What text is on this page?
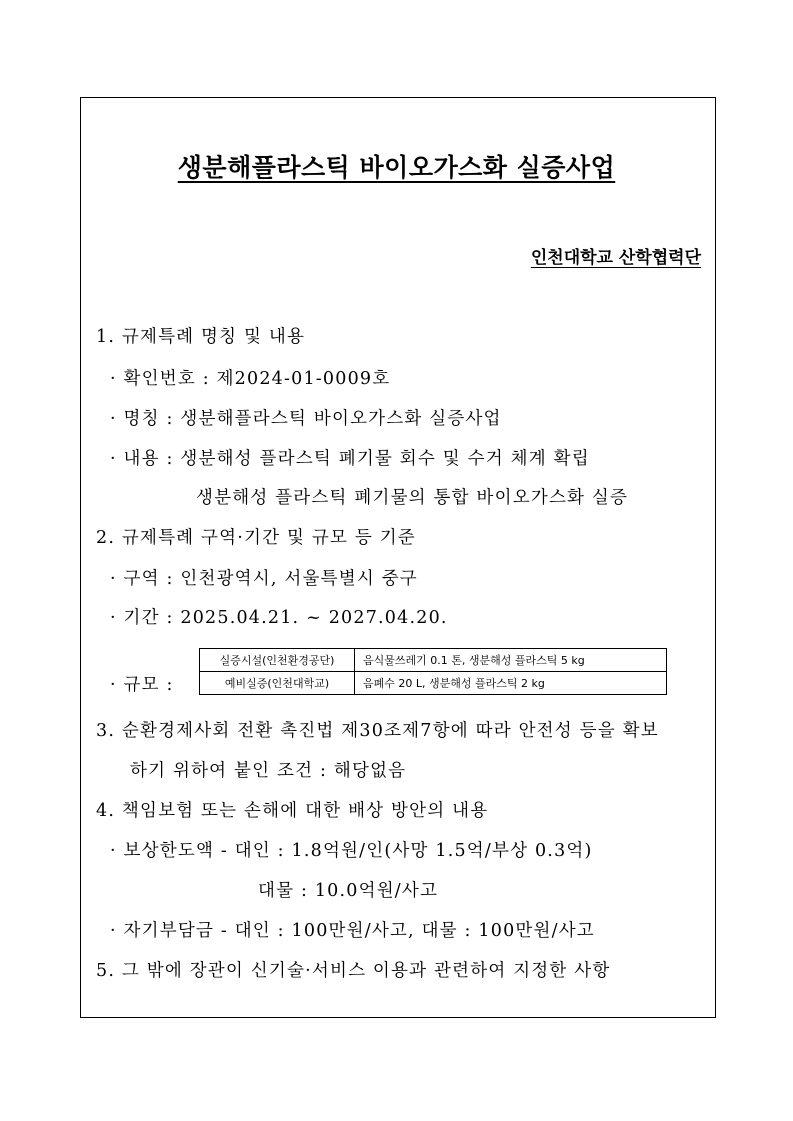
생분해플라스틱 바이오가스화 실증사업
인천대학교 산학협력단
1. 규제특례 명칭 및 내용
· 확인번호 : 제2024-01-0009호
· 명칭 : 생분해플라스틱 바이오가스화 실증사업
· 내용 : 생분해성 플라스틱 폐기물 회수 및 수거 체계 확립
생분해성 플라스틱 폐기물의 통합 바이오가스화 실증
2. 규제특례 구역·기간 및 규모 등 기준
· 구역 : 인천광역시, 서울특별시 중구
· 기간 : 2025.04.21. ~ 2027.04.20.
· 규모 :
실증시설(인천환경공단)	음식물쓰레기 0.1 톤, 생분해성 플라스틱 5 kg
예비실증(인천대학교)	음폐수 20 L, 생분해성 플라스틱 2 kg
3. 순환경제사회 전환 촉진법 제30조제7항에 따라 안전성 등을 확보
하기 위하여 붙인 조건 : 해당없음
4. 책임보험 또는 손해에 대한 배상 방안의 내용
· 보상한도액 - 대인 : 1.8억원/인(사망 1.5억/부상 0.3억)
대물 : 10.0억원/사고
· 자기부담금 - 대인 : 100만원/사고, 대물 : 100만원/사고
5. 그 밖에 장관이 신기술·서비스 이용과 관련하여 지정한 사항
